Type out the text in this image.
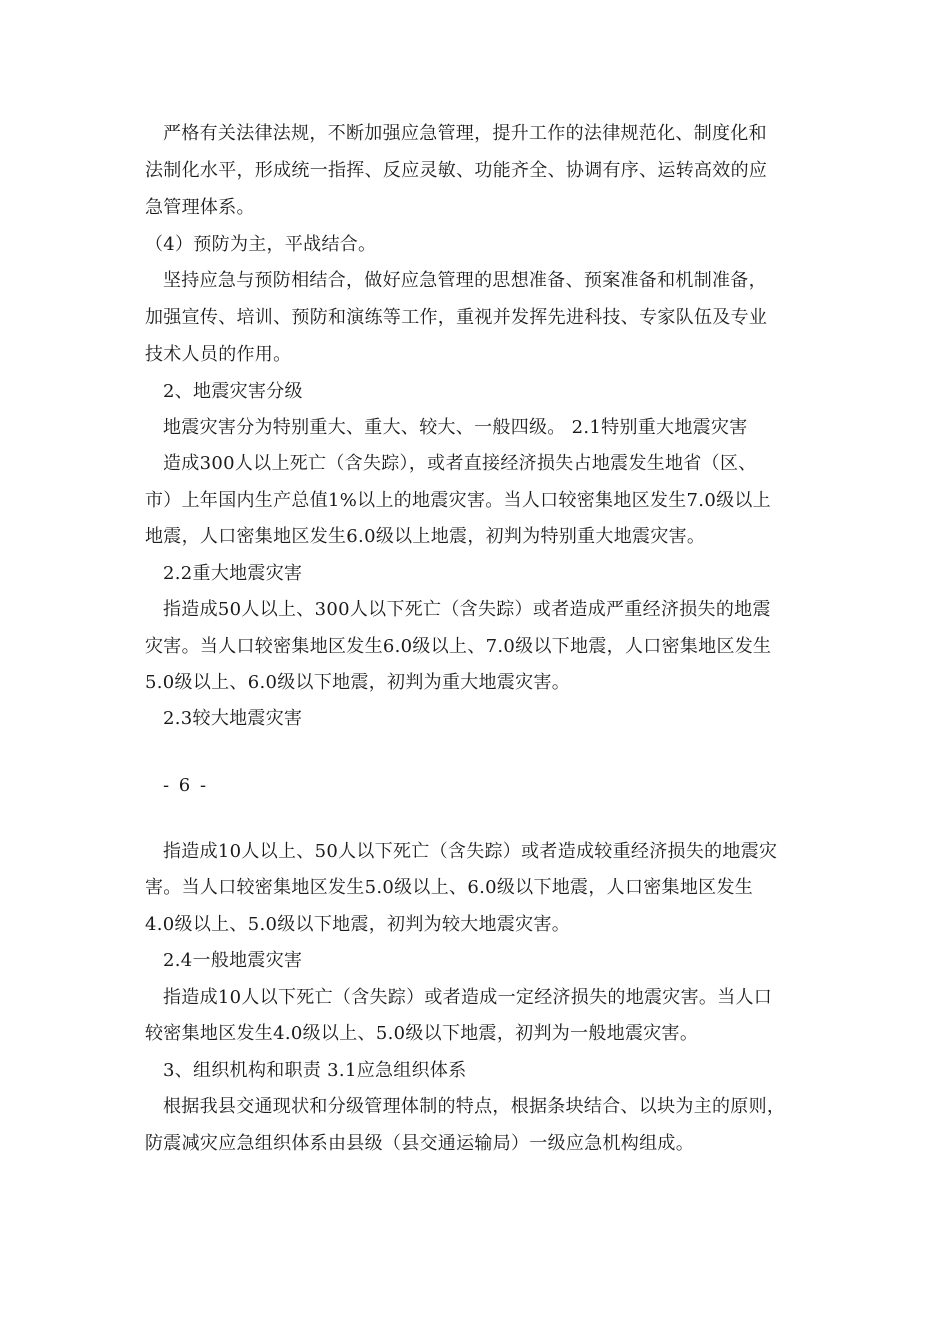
严格有关法律法规，不断加强应急管理，提升工作的法律规范化、制度化和
法制化水平，形成统一指挥、反应灵敏、功能齐全、协调有序、运转高效的应
急管理体系。
（4）预防为主，平战结合。
坚持应急与预防相结合，做好应急管理的思想准备、预案准备和机制准备，
加强宣传、培训、预防和演练等工作，重视并发挥先进科技、专家队伍及专业
技术人员的作用。
2、地震灾害分级
地震灾害分为特别重大、重大、较大、一般四级。 2.1特别重大地震灾害
造成300人以上死亡（含失踪），或者直接经济损失占地震发生地省（区、
市）上年国内生产总值1%以上的地震灾害。当人口较密集地区发生7.0级以上
地震，人口密集地区发生6.0级以上地震，初判为特别重大地震灾害。
2.2重大地震灾害
指造成50人以上、300人以下死亡（含失踪）或者造成严重经济损失的地震
灾害。当人口较密集地区发生6.0级以上、7.0级以下地震，人口密集地区发生
5.0级以上、6.0级以下地震，初判为重大地震灾害。
2.3较大地震灾害
- 6 -
指造成10人以上、50人以下死亡（含失踪）或者造成较重经济损失的地震灾
害。当人口较密集地区发生5.0级以上、6.0级以下地震，人口密集地区发生
4.0级以上、5.0级以下地震，初判为较大地震灾害。
2.4一般地震灾害
指造成10人以下死亡（含失踪）或者造成一定经济损失的地震灾害。当人口
较密集地区发生4.0级以上、5.0级以下地震，初判为一般地震灾害。
3、组织机构和职责 3.1应急组织体系
根据我县交通现状和分级管理体制的特点，根据条块结合、以块为主的原则，
防震减灾应急组织体系由县级（县交通运输局）一级应急机构组成。
